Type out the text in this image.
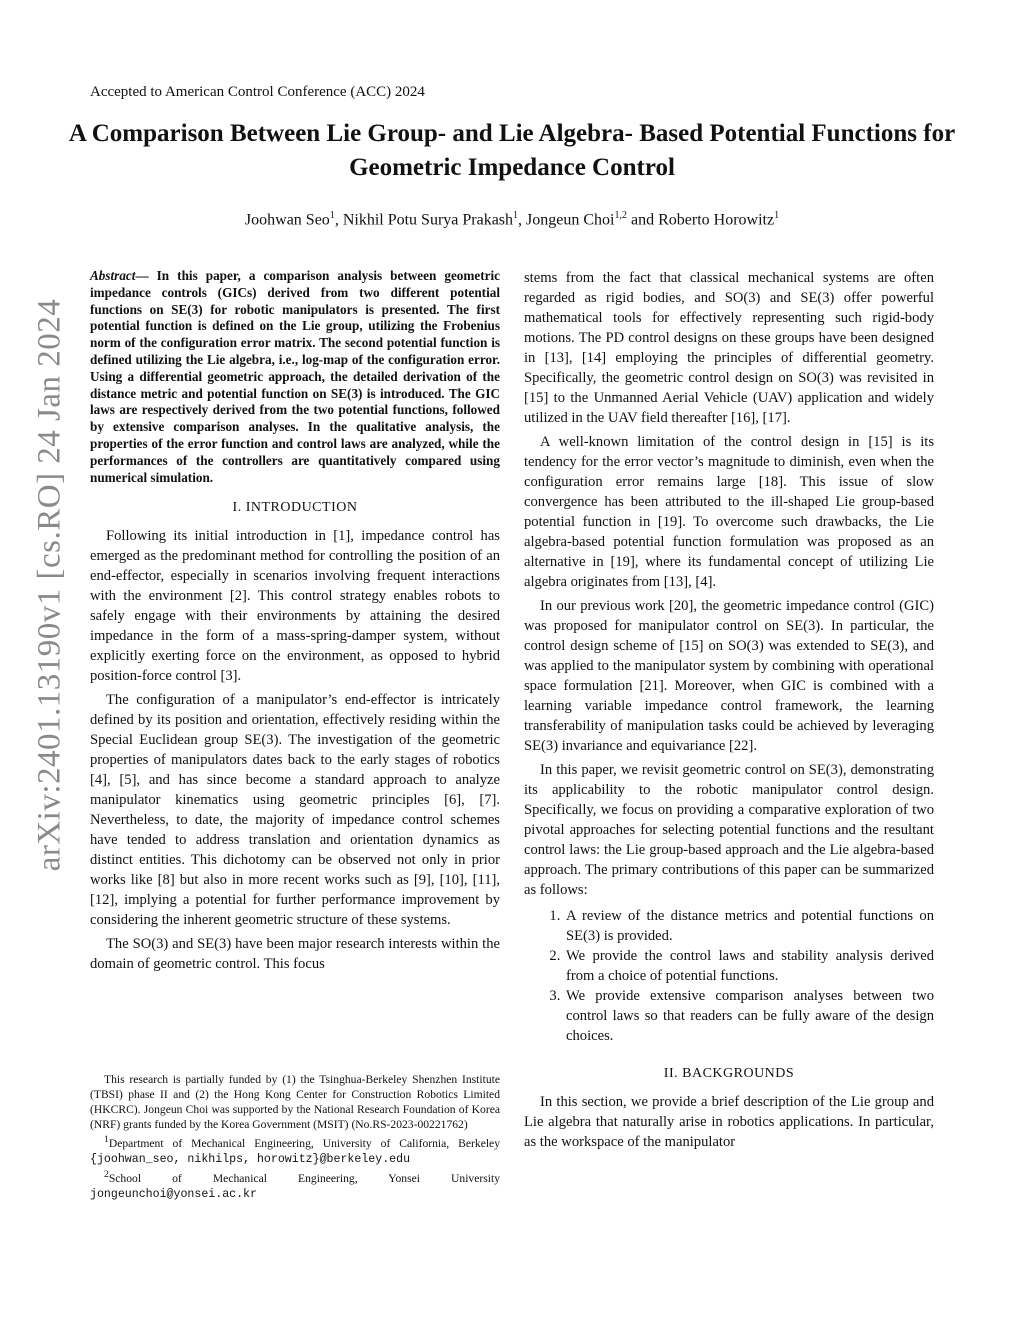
arXiv:2401.13190v1 [cs.RO] 24 Jan 2024
Accepted to American Control Conference (ACC) 2024
A Comparison Between Lie Group- and Lie Algebra- Based Potential Functions for Geometric Impedance Control
Joohwan Seo$^1$, Nikhil Potu Surya Prakash$^1$, Jongeun Choi$^{1,2}$ and Roberto Horowitz$^1$
Abstract— In this paper, a comparison analysis between geometric impedance controls (GICs) derived from two different potential functions on SE(3) for robotic manipulators is presented. The first potential function is defined on the Lie group, utilizing the Frobenius norm of the configuration error matrix. The second potential function is defined utilizing the Lie algebra, i.e., log-map of the configuration error. Using a differential geometric approach, the detailed derivation of the distance metric and potential function on SE(3) is introduced. The GIC laws are respectively derived from the two potential functions, followed by extensive comparison analyses. In the qualitative analysis, the properties of the error function and control laws are analyzed, while the performances of the controllers are quantitatively compared using numerical simulation.
I. INTRODUCTION

Following its initial introduction in [1], impedance control has emerged as the predominant method for controlling the position of an end-effector, especially in scenarios involving frequent interactions with the environment [2]. This control strategy enables robots to safely engage with their environments by attaining the desired impedance in the form of a mass-spring-damper system, without explicitly exerting force on the environment, as opposed to hybrid position-force control [3].

The configuration of a manipulator’s end-effector is intricately defined by its position and orientation, effectively residing within the Special Euclidean group SE(3). The investigation of the geometric properties of manipulators dates back to the early stages of robotics [4], [5], and has since become a standard approach to analyze manipulator kinematics using geometric principles [6], [7]. Nevertheless, to date, the majority of impedance control schemes have tended to address translation and orientation dynamics as distinct entities. This dichotomy can be observed not only in prior works like [8] but also in more recent works such as [9], [10], [11], [12], implying a potential for further performance improvement by considering the inherent geometric structure of these systems.

The SO(3) and SE(3) have been major research interests within the domain of geometric control. This focus

This research is partially funded by (1) the Tsinghua-Berkeley Shenzhen Institute (TBSI) phase II and (2) the Hong Kong Center for Construction Robotics Limited (HKCRC). Jongeun Choi was supported by the National Research Foundation of Korea (NRF) grants funded by the Korea Government (MSIT) (No.RS-2023-00221762)

$^1$Department of Mechanical Engineering, University of California, Berkeley {joohwan_seo, nikhilps, horowitz}@berkeley.edu

$^2$School of Mechanical Engineering, Yonsei University jongeunchoi@yonsei.ac.kr

stems from the fact that classical mechanical systems are often regarded as rigid bodies, and SO(3) and SE(3) offer powerful mathematical tools for effectively representing such rigid-body motions. The PD control designs on these groups have been designed in [13], [14] employing the principles of differential geometry. Specifically, the geometric control design on SO(3) was revisited in [15] to the Unmanned Aerial Vehicle (UAV) application and widely utilized in the UAV field thereafter [16], [17].

A well-known limitation of the control design in [15] is its tendency for the error vector’s magnitude to diminish, even when the configuration error remains large [18]. This issue of slow convergence has been attributed to the ill-shaped Lie group-based potential function in [19]. To overcome such drawbacks, the Lie algebra-based potential function formulation was proposed as an alternative in [19], where its fundamental concept of utilizing Lie algebra originates from [13], [4].

In our previous work [20], the geometric impedance control (GIC) was proposed for manipulator control on SE(3). In particular, the control design scheme of [15] on SO(3) was extended to SE(3), and was applied to the manipulator system by combining with operational space formulation [21]. Moreover, when GIC is combined with a learning variable impedance control framework, the learning transferability of manipulation tasks could be achieved by leveraging SE(3) invariance and equivariance [22].

In this paper, we revisit geometric control on SE(3), demonstrating its applicability to the robotic manipulator control design. Specifically, we focus on providing a comparative exploration of two pivotal approaches for selecting potential functions and the resultant control laws: the Lie group-based approach and the Lie algebra-based approach. The primary contributions of this paper can be summarized as follows:

1. A review of the distance metrics and potential functions on SE(3) is provided.
2. We provide the control laws and stability analysis derived from a choice of potential functions.
3. We provide extensive comparison analyses between two control laws so that readers can be fully aware of the design choices.
II. BACKGROUNDS

In this section, we provide a brief description of the Lie group and Lie algebra that naturally arise in robotics applications. In particular, as the workspace of the manipulator
